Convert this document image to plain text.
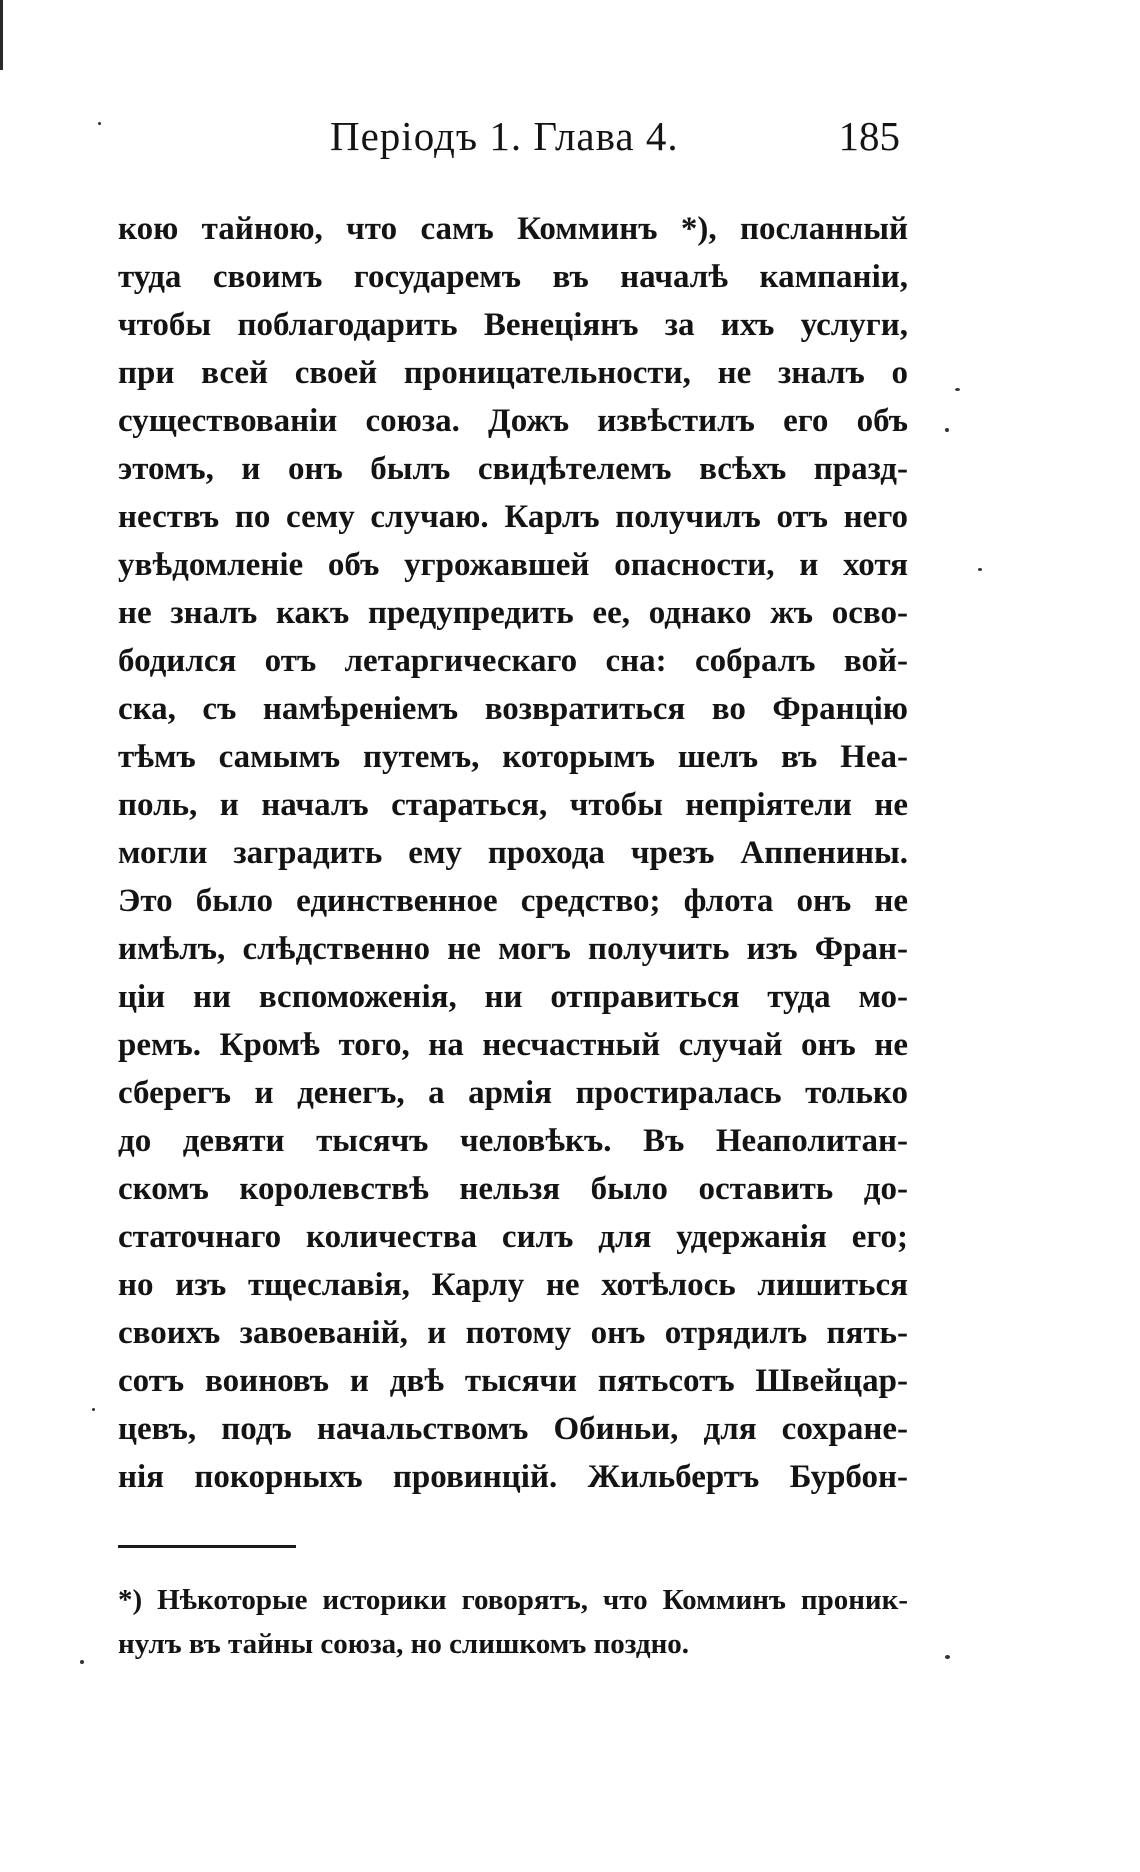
Періодъ 1. Глава 4.	185
кою тайною, что самъ Комминъ *), посланный
туда своимъ государемъ въ началѣ кампаніи,
чтобы поблагодарить Венеціянъ за ихъ услуги,
при всей своей проницательности, не зналъ о
существованіи союза. Дожъ извѣстилъ его объ
этомъ, и онъ былъ свидѣтелемъ всѣхъ празд-
нествъ по сему случаю. Карлъ получилъ отъ него
увѣдомленіе объ угрожавшей опасности, и хотя
не зналъ какъ предупредить ее, однако жъ осво-
бодился отъ летаргическаго сна: собралъ вой-
ска, съ намѣреніемъ возвратиться во Францію
тѣмъ самымъ путемъ, которымъ шелъ въ Неа-
поль, и началъ стараться, чтобы непріятели не
могли заградить ему прохода чрезъ Аппенины.
Это было единственное средство; флота онъ не
имѣлъ, слѣдственно не могъ получить изъ Фран-
ціи ни вспоможенія, ни отправиться туда мо-
ремъ. Кромѣ того, на несчастный случай онъ не
сберегъ и денегъ, а армія простиралась только
до девяти тысячъ человѣкъ. Въ Неаполитан-
скомъ королевствѣ нельзя было оставить до-
статочнаго количества силъ для удержанія его;
но изъ тщеславія, Карлу не хотѣлось лишиться
своихъ завоеваній, и потому онъ отрядилъ пять-
сотъ воиновъ и двѣ тысячи пятьсотъ Швейцар-
цевъ, подъ начальствомъ Обиньи, для сохране-
нія покорныхъ провинцій. Жильбертъ Бурбон-
*) Нѣкоторые историки говорятъ, что Комминъ проник-
нулъ въ тайны союза, но слишкомъ поздно.
